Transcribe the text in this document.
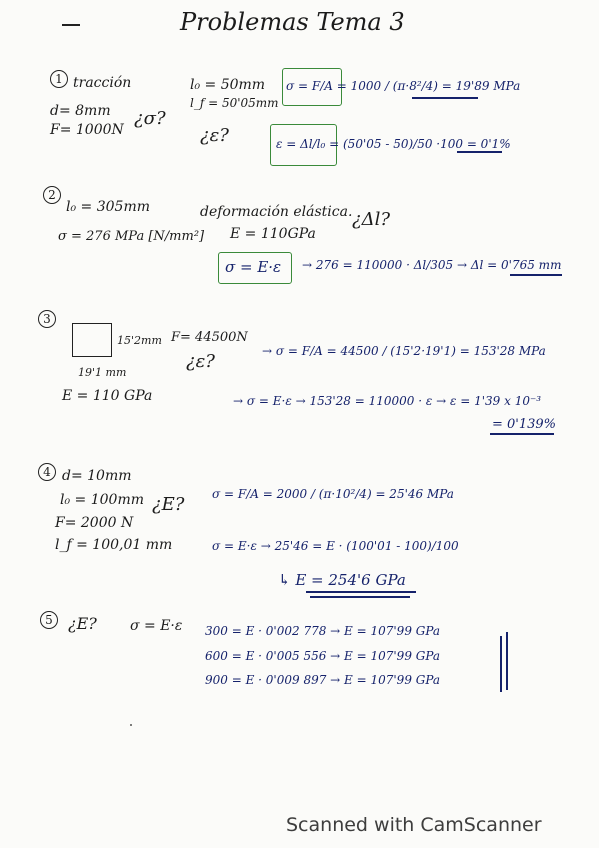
Problemas Tema 3
1 tracción
d= 8mm
F= 1000N
¿σ?
l₀ = 50mm
l_f = 50'05mm
¿ε?
σ = F/A = 1000 / (π·8²/4) = 19'89 MPa
ε = Δl/l₀ = (50'05 - 50)/50 ·100 = 0'1%
2
l₀ = 305mm
σ = 276 MPa [N/mm²]
deformación elástica.
E = 110GPa
¿Δl?
σ = E·ε → 276 = 110000 · Δl/305 → Δl = 0'765 mm
3
15'2mm
19'1 mm
F= 44500N
¿ε?
E = 110 GPa
→ σ = F/A = 44500 / (15'2·19'1) = 153'28 MPa
→ σ = E·ε → 153'28 = 110000 · ε → ε = 1'39 x 10⁻³
= 0'139%
4 d= 10mm
l₀ = 100mm
F= 2000 N
l_f = 100,01 mm
¿E? σ = F/A = 2000 / (π·10²/4) = 25'46 MPa
σ = E·ε → 25'46 = E · (100'01 - 100)/100
↳ E = 254'6 GPa
5 ¿E? σ = E·ε 300 = E · 0'002 778 → E = 107'99 GPa
600 = E · 0'005 556 → E = 107'99 GPa
900 = E · 0'009 897 → E = 107'99 GPa
Scanned with CamScanner
